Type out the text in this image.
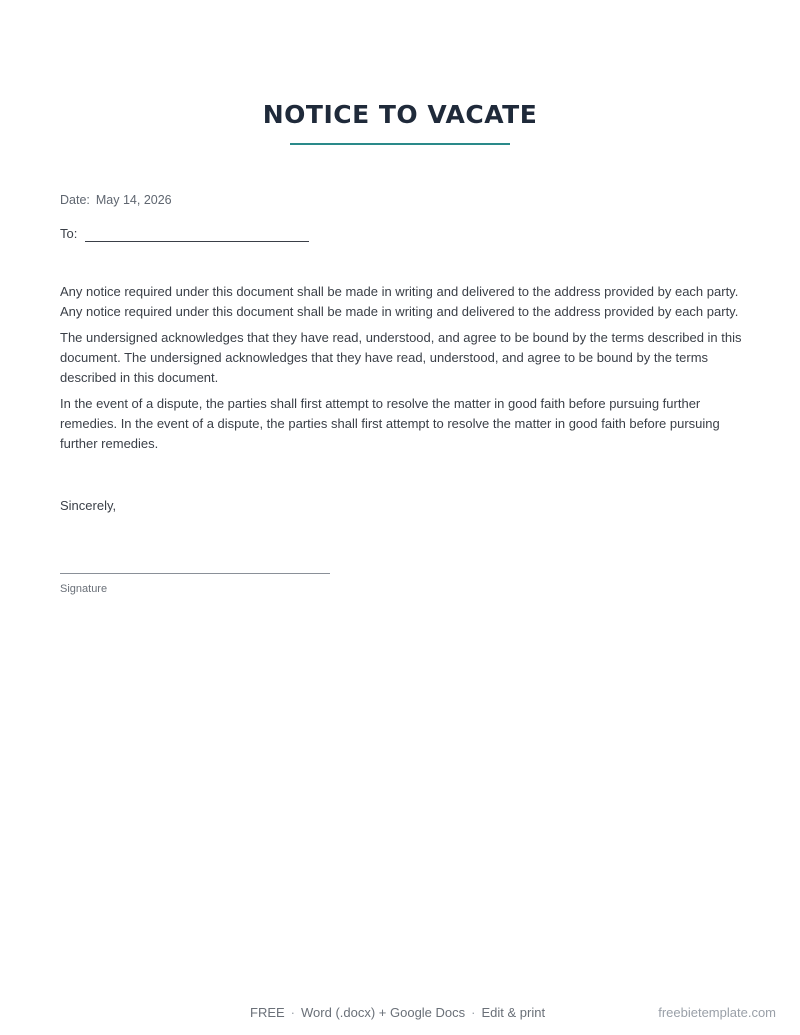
NOTICE TO VACATE
Date: May 14, 2026
To:

Any notice required under this document shall be made in writing and delivered to the address provided by each party. Any notice required under this document shall be made in writing and delivered to the address provided by each party.

The undersigned acknowledges that they have read, understood, and agree to be bound by the terms described in this document. The undersigned acknowledges that they have read, understood, and agree to be bound by the terms described in this document.

In the event of a dispute, the parties shall first attempt to resolve the matter in good faith before pursuing further remedies. In the event of a dispute, the parties shall first attempt to resolve the matter in good faith before pursuing further remedies.

Sincerely,
Signature
FREE · Word (.docx) + Google Docs · Edit & print	freebietemplate.com
